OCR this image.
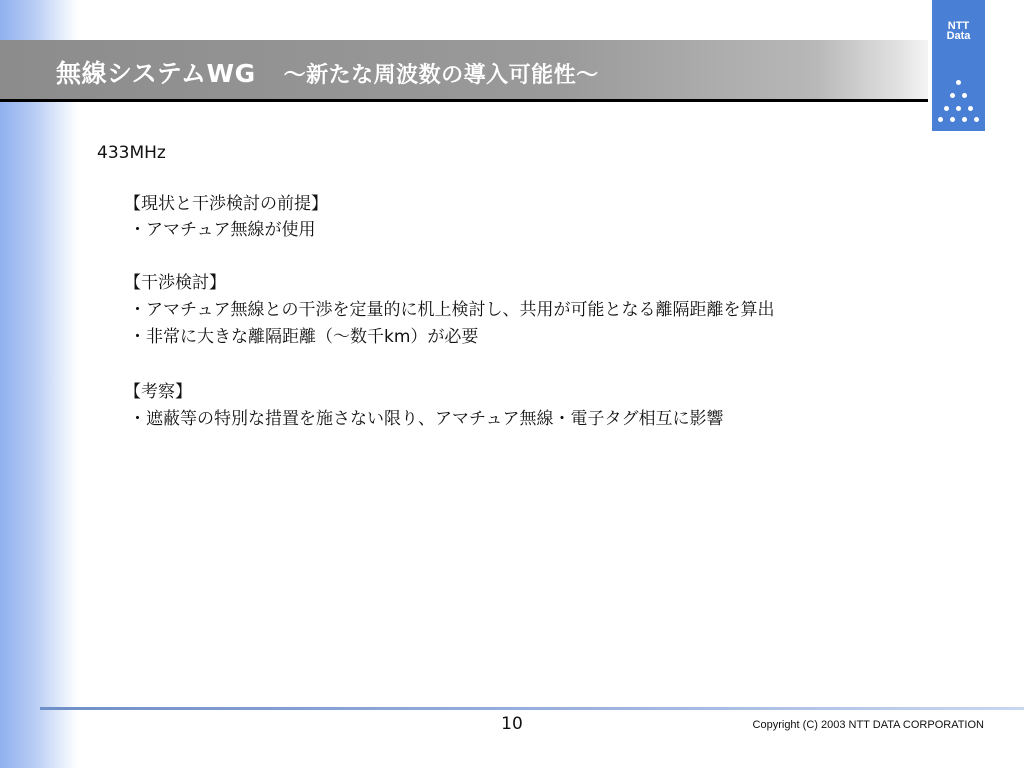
無線システムWG ～新たな周波数の導入可能性～
NTT
Data
433MHz
【現状と干渉検討の前提】
・アマチュア無線が使用
【干渉検討】
・アマチュア無線との干渉を定量的に机上検討し、共用が可能となる離隔距離を算出
・非常に大きな離隔距離（～数千km）が必要
【考察】
・遮蔽等の特別な措置を施さない限り、アマチュア無線・電子タグ相互に影響
10	Copyright (C) 2003 NTT DATA CORPORATION
